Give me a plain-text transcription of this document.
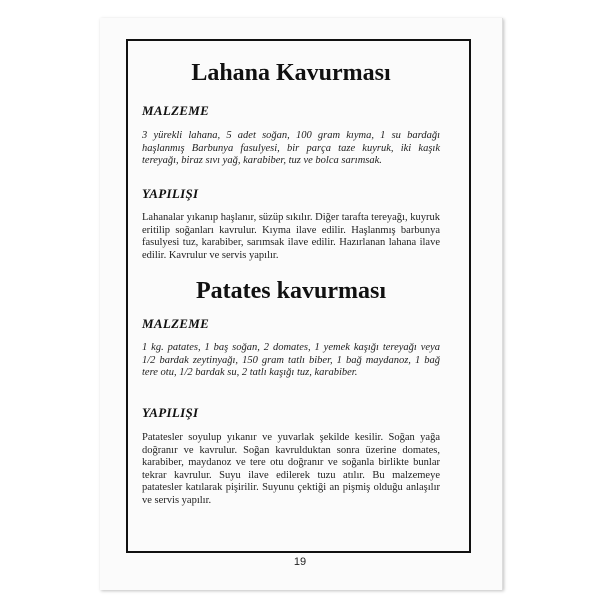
Lahana Kavurması

MALZEME

3 yürekli lahana, 5 adet soğan, 100 gram kıyma, 1 su bardağı haşlanmış Barbunya fasulyesi, bir parça taze kuyruk, iki kaşık tereyağı, biraz sıvı yağ, karabiber, tuz ve bolca sarımsak.

YAPILIŞI

Lahanalar yıkanıp haşlanır, süzüp sıkılır. Diğer tarafta tereyağı, kuyruk eritilip soğanları kavrulur. Kıyma ilave edilir. Haşlanmış barbunya fasulyesi tuz, karabiber, sarımsak ilave edilir. Hazırlanan lahana ilave edilir. Kavrulur ve servis yapılır.

Patates kavurması

MALZEME

1 kg. patates, 1 baş soğan, 2 domates, 1 yemek kaşığı tereyağı veya 1/2 bardak zeytinyağı, 150 gram tatlı biber, 1 bağ maydanoz, 1 bağ tere otu, 1/2 bardak su, 2 tatlı kaşığı tuz, karabiber.

YAPILIŞI

Patatesler soyulup yıkanır ve yuvarlak şekilde kesilir. Soğan yağa doğranır ve kavrulur. Soğan kavrulduktan sonra üzerine domates, karabiber, maydanoz ve tere otu doğranır ve soğanla birlikte bunlar tekrar kavrulur. Suyu ilave edilerek tuzu atılır. Bu malzemeye patatesler katılarak pişirilir. Suyunu çektiği an pişmiş olduğu anlaşılır ve servis yapılır.

19
